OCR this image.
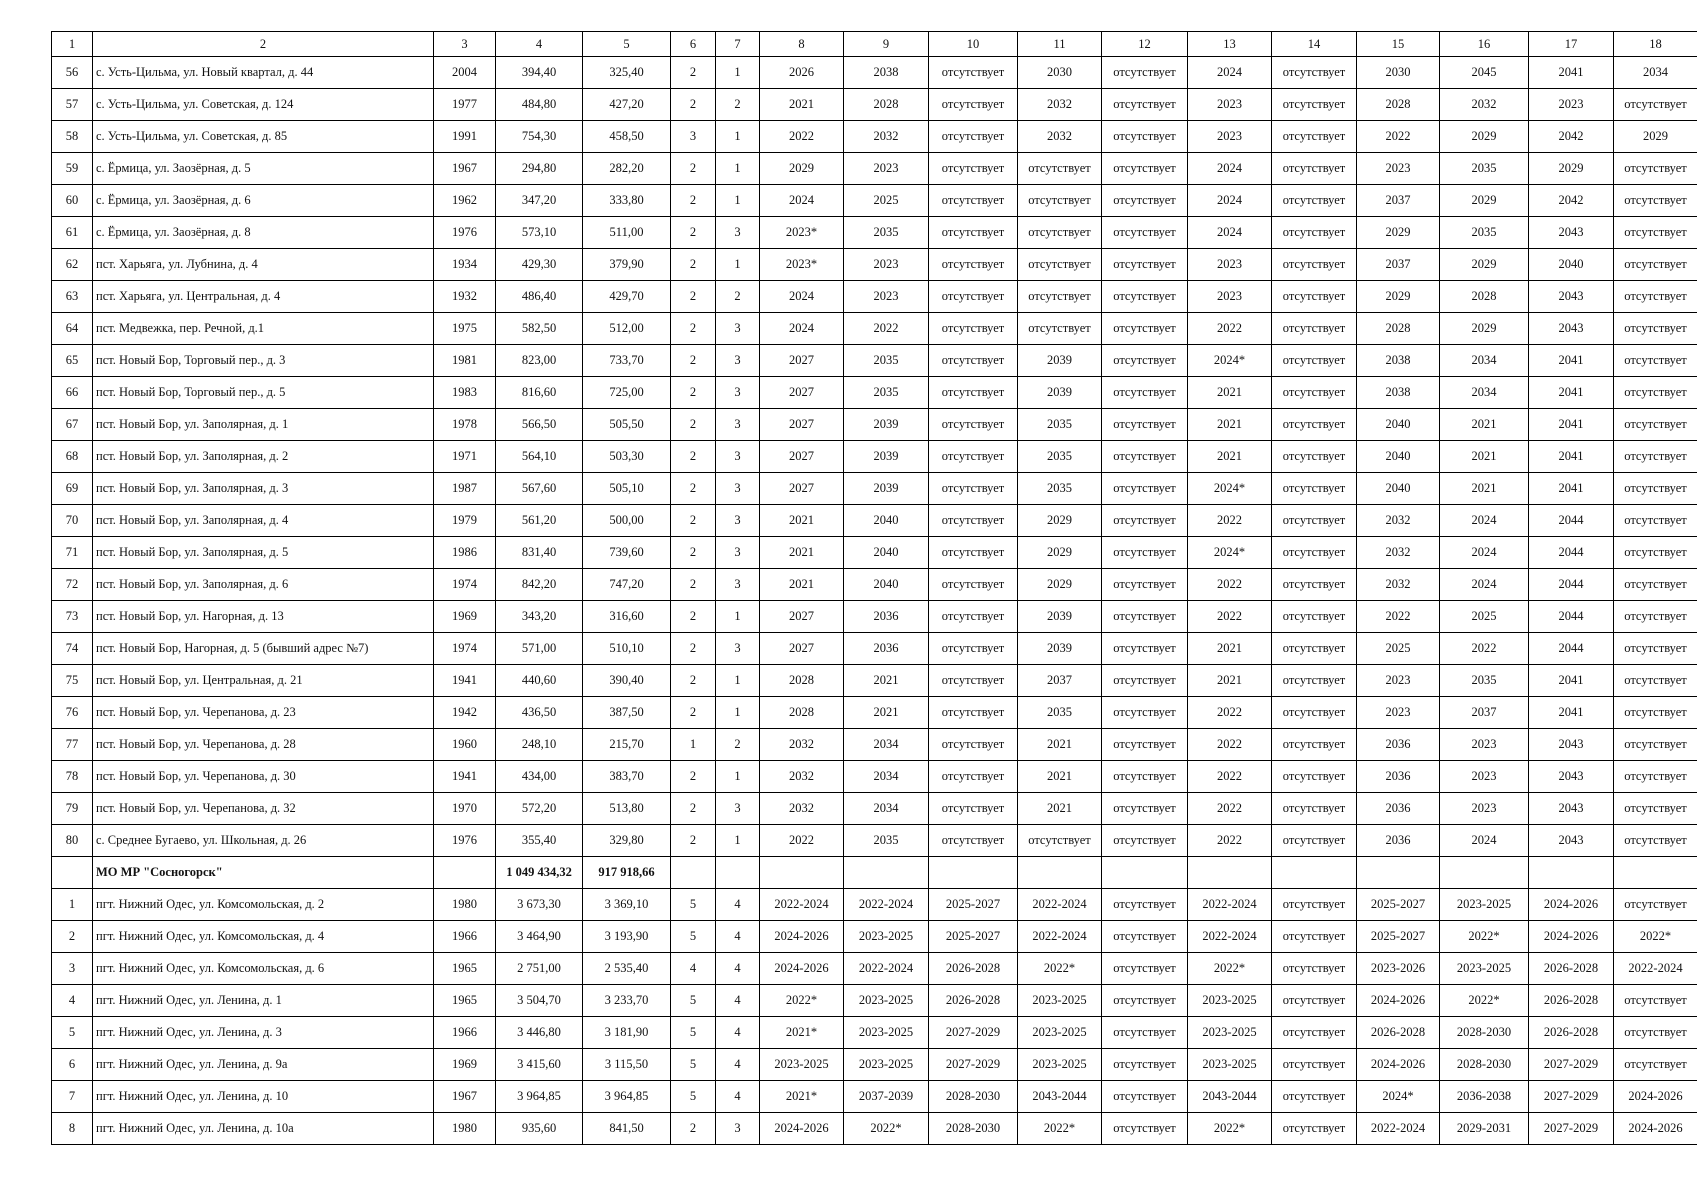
1	2	3	4	5	6	7	8	9	10	11	12	13	14	15	16	17	18
56	с. Усть-Цильма, ул. Новый квартал, д. 44	2004	394,40	325,40	2	1	2026	2038	отсутствует	2030	отсутствует	2024	отсутствует	2030	2045	2041	2034
57	с. Усть-Цильма, ул. Советская, д. 124	1977	484,80	427,20	2	2	2021	2028	отсутствует	2032	отсутствует	2023	отсутствует	2028	2032	2023	отсутствует
58	с. Усть-Цильма, ул. Советская, д. 85	1991	754,30	458,50	3	1	2022	2032	отсутствует	2032	отсутствует	2023	отсутствует	2022	2029	2042	2029
59	с. Ёрмица, ул. Заозёрная, д. 5	1967	294,80	282,20	2	1	2029	2023	отсутствует	отсутствует	отсутствует	2024	отсутствует	2023	2035	2029	отсутствует
60	с. Ёрмица, ул. Заозёрная, д. 6	1962	347,20	333,80	2	1	2024	2025	отсутствует	отсутствует	отсутствует	2024	отсутствует	2037	2029	2042	отсутствует
61	с. Ёрмица, ул. Заозёрная, д. 8	1976	573,10	511,00	2	3	2023*	2035	отсутствует	отсутствует	отсутствует	2024	отсутствует	2029	2035	2043	отсутствует
62	пст. Харьяга, ул. Лубнина, д. 4	1934	429,30	379,90	2	1	2023*	2023	отсутствует	отсутствует	отсутствует	2023	отсутствует	2037	2029	2040	отсутствует
63	пст. Харьяга, ул. Центральная, д. 4	1932	486,40	429,70	2	2	2024	2023	отсутствует	отсутствует	отсутствует	2023	отсутствует	2029	2028	2043	отсутствует
64	пст. Медвежка, пер. Речной, д.1	1975	582,50	512,00	2	3	2024	2022	отсутствует	отсутствует	отсутствует	2022	отсутствует	2028	2029	2043	отсутствует
65	пст. Новый Бор, Торговый пер., д. 3	1981	823,00	733,70	2	3	2027	2035	отсутствует	2039	отсутствует	2024*	отсутствует	2038	2034	2041	отсутствует
66	пст. Новый Бор, Торговый пер., д. 5	1983	816,60	725,00	2	3	2027	2035	отсутствует	2039	отсутствует	2021	отсутствует	2038	2034	2041	отсутствует
67	пст. Новый Бор, ул. Заполярная, д. 1	1978	566,50	505,50	2	3	2027	2039	отсутствует	2035	отсутствует	2021	отсутствует	2040	2021	2041	отсутствует
68	пст. Новый Бор, ул. Заполярная, д. 2	1971	564,10	503,30	2	3	2027	2039	отсутствует	2035	отсутствует	2021	отсутствует	2040	2021	2041	отсутствует
69	пст. Новый Бор, ул. Заполярная, д. 3	1987	567,60	505,10	2	3	2027	2039	отсутствует	2035	отсутствует	2024*	отсутствует	2040	2021	2041	отсутствует
70	пст. Новый Бор, ул. Заполярная, д. 4	1979	561,20	500,00	2	3	2021	2040	отсутствует	2029	отсутствует	2022	отсутствует	2032	2024	2044	отсутствует
71	пст. Новый Бор, ул. Заполярная, д. 5	1986	831,40	739,60	2	3	2021	2040	отсутствует	2029	отсутствует	2024*	отсутствует	2032	2024	2044	отсутствует
72	пст. Новый Бор, ул. Заполярная, д. 6	1974	842,20	747,20	2	3	2021	2040	отсутствует	2029	отсутствует	2022	отсутствует	2032	2024	2044	отсутствует
73	пст. Новый Бор, ул. Нагорная, д. 13	1969	343,20	316,60	2	1	2027	2036	отсутствует	2039	отсутствует	2022	отсутствует	2022	2025	2044	отсутствует
74	пст. Новый Бор, Нагорная, д. 5 (бывший адрес №7)	1974	571,00	510,10	2	3	2027	2036	отсутствует	2039	отсутствует	2021	отсутствует	2025	2022	2044	отсутствует
75	пст. Новый Бор, ул. Центральная, д. 21	1941	440,60	390,40	2	1	2028	2021	отсутствует	2037	отсутствует	2021	отсутствует	2023	2035	2041	отсутствует
76	пст. Новый Бор, ул. Черепанова, д. 23	1942	436,50	387,50	2	1	2028	2021	отсутствует	2035	отсутствует	2022	отсутствует	2023	2037	2041	отсутствует
77	пст. Новый Бор, ул. Черепанова, д. 28	1960	248,10	215,70	1	2	2032	2034	отсутствует	2021	отсутствует	2022	отсутствует	2036	2023	2043	отсутствует
78	пст. Новый Бор, ул. Черепанова, д. 30	1941	434,00	383,70	2	1	2032	2034	отсутствует	2021	отсутствует	2022	отсутствует	2036	2023	2043	отсутствует
79	пст. Новый Бор, ул. Черепанова, д. 32	1970	572,20	513,80	2	3	2032	2034	отсутствует	2021	отсутствует	2022	отсутствует	2036	2023	2043	отсутствует
80	с. Среднее Бугаево, ул. Школьная, д. 26	1976	355,40	329,80	2	1	2022	2035	отсутствует	отсутствует	отсутствует	2022	отсутствует	2036	2024	2043	отсутствует
	МО МР "Сосногорск"		1 049 434,32	917 918,66													
1	пгт. Нижний Одес, ул. Комсомольская, д. 2	1980	3 673,30	3 369,10	5	4	2022-2024	2022-2024	2025-2027	2022-2024	отсутствует	2022-2024	отсутствует	2025-2027	2023-2025	2024-2026	отсутствует
2	пгт. Нижний Одес, ул. Комсомольская, д. 4	1966	3 464,90	3 193,90	5	4	2024-2026	2023-2025	2025-2027	2022-2024	отсутствует	2022-2024	отсутствует	2025-2027	2022*	2024-2026	2022*
3	пгт. Нижний Одес, ул. Комсомольская, д. 6	1965	2 751,00	2 535,40	4	4	2024-2026	2022-2024	2026-2028	2022*	отсутствует	2022*	отсутствует	2023-2026	2023-2025	2026-2028	2022-2024
4	пгт. Нижний Одес, ул. Ленина, д. 1	1965	3 504,70	3 233,70	5	4	2022*	2023-2025	2026-2028	2023-2025	отсутствует	2023-2025	отсутствует	2024-2026	2022*	2026-2028	отсутствует
5	пгт. Нижний Одес, ул. Ленина, д. 3	1966	3 446,80	3 181,90	5	4	2021*	2023-2025	2027-2029	2023-2025	отсутствует	2023-2025	отсутствует	2026-2028	2028-2030	2026-2028	отсутствует
6	пгт. Нижний Одес, ул. Ленина, д. 9а	1969	3 415,60	3 115,50	5	4	2023-2025	2023-2025	2027-2029	2023-2025	отсутствует	2023-2025	отсутствует	2024-2026	2028-2030	2027-2029	отсутствует
7	пгт. Нижний Одес, ул. Ленина, д. 10	1967	3 964,85	3 964,85	5	4	2021*	2037-2039	2028-2030	2043-2044	отсутствует	2043-2044	отсутствует	2024*	2036-2038	2027-2029	2024-2026
8	пгт. Нижний Одес, ул. Ленина, д. 10а	1980	935,60	841,50	2	3	2024-2026	2022*	2028-2030	2022*	отсутствует	2022*	отсутствует	2022-2024	2029-2031	2027-2029	2024-2026
